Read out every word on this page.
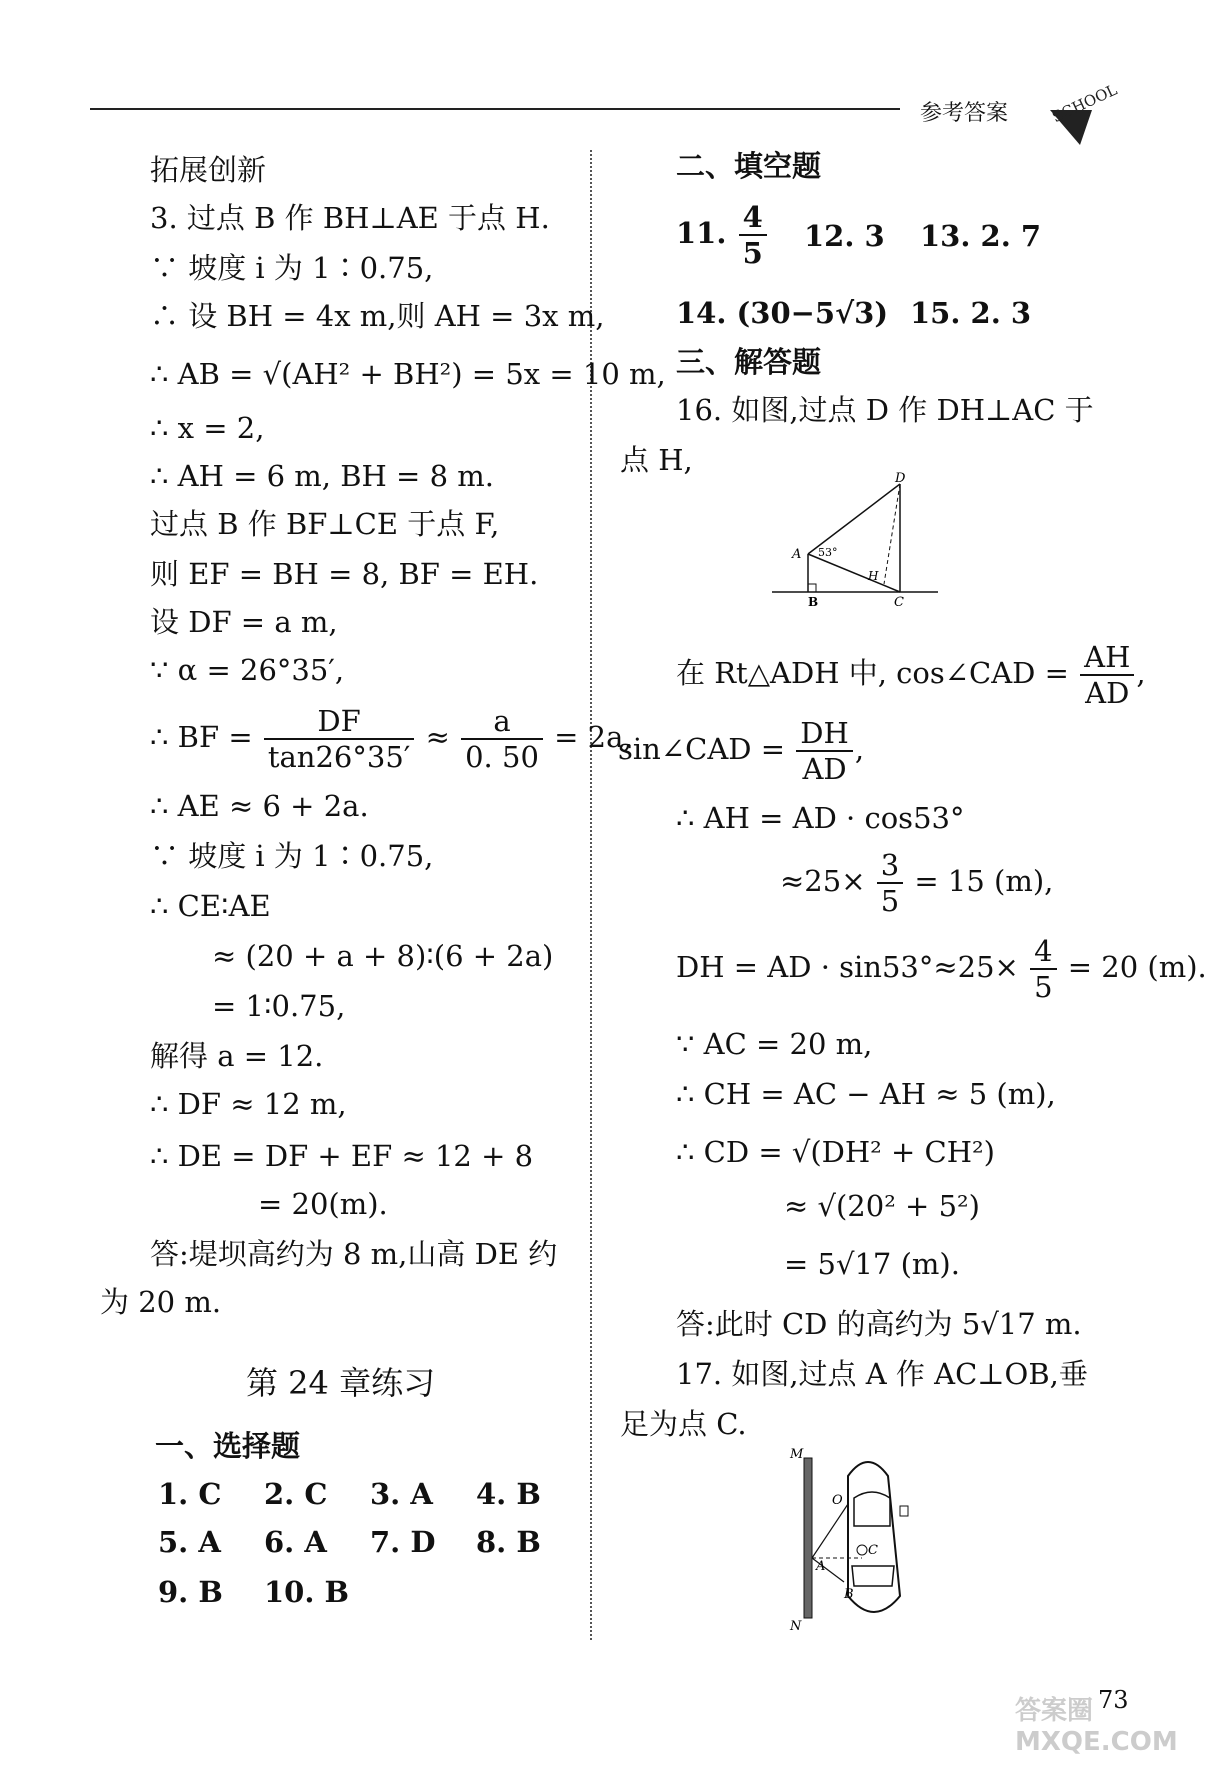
参考答案	SCHOOL
拓展创新
3. 过点 B 作 BH⊥AE 于点 H.
∵ 坡度 i 为 1∶0.75,
∴ 设 BH = 4x m,则 AH = 3x m,
∴ AB = √(AH² + BH²) = 5x = 10 m,
∴ x = 2,
∴ AH = 6 m, BH = 8 m.
过点 B 作 BF⊥CE 于点 F,
则 EF = BH = 8, BF = EH.
设 DF = a m,
∵ α = 26°35′,
∴ BF = $\frac{DF}{\tan 26^\circ 35'} \approx \frac{a}{0. 50} = 2a$,
∴ AE ≈ 6 + 2a.
∵ 坡度 i 为 1∶0.75,
∴ CE∶AE
≈ (20 + a + 8)∶(6 + 2a)
= 1∶0.75,
解得 a = 12.
∴ DF ≈ 12 m,
∴ DE = DF + EF ≈ 12 + 8
= 20(m).
答:堤坝高约为 8 m,山高 DE 约
为 20 m.
第 24 章练习
一、选择题
1. C 2. C 3. A 4. B
5. A 6. A 7. D 8. B
9. B 10. B
二、填空题
11. $\frac{4}{5} 12$. 3 13. 2. 7
14. (30−5√3) 15. 2. 3
三、解答题
16. 如图,过点 D 作 DH⊥AC 于
点 H,
D
A
B	C
H
53°
在 Rt△ADH 中, cos∠CAD = $\frac{AH}{AD}$ ,
sin∠CAD = $\frac{DH}{AD}$ ,
∴ AH = AD · cos53°
$\approx 25\times \frac{3}{5} = 15$ (m),
DH = AD · $\sin 53^\circ\approx 25\times \frac{4}{5} = 20$ (m).
∵ AC = 20 m,
∴ CH = AC − AH ≈ 5 (m),
∴ CD = √(DH² + CH²)
≈ √(20² + 5²)
= 5√17 (m).
答:此时 CD 的高约为 5√17 m.
17. 如图,过点 A 作 AC⊥OB,垂
足为点 C.
M
N
O
A
B
C
73
答案圈 MXQE.COM
